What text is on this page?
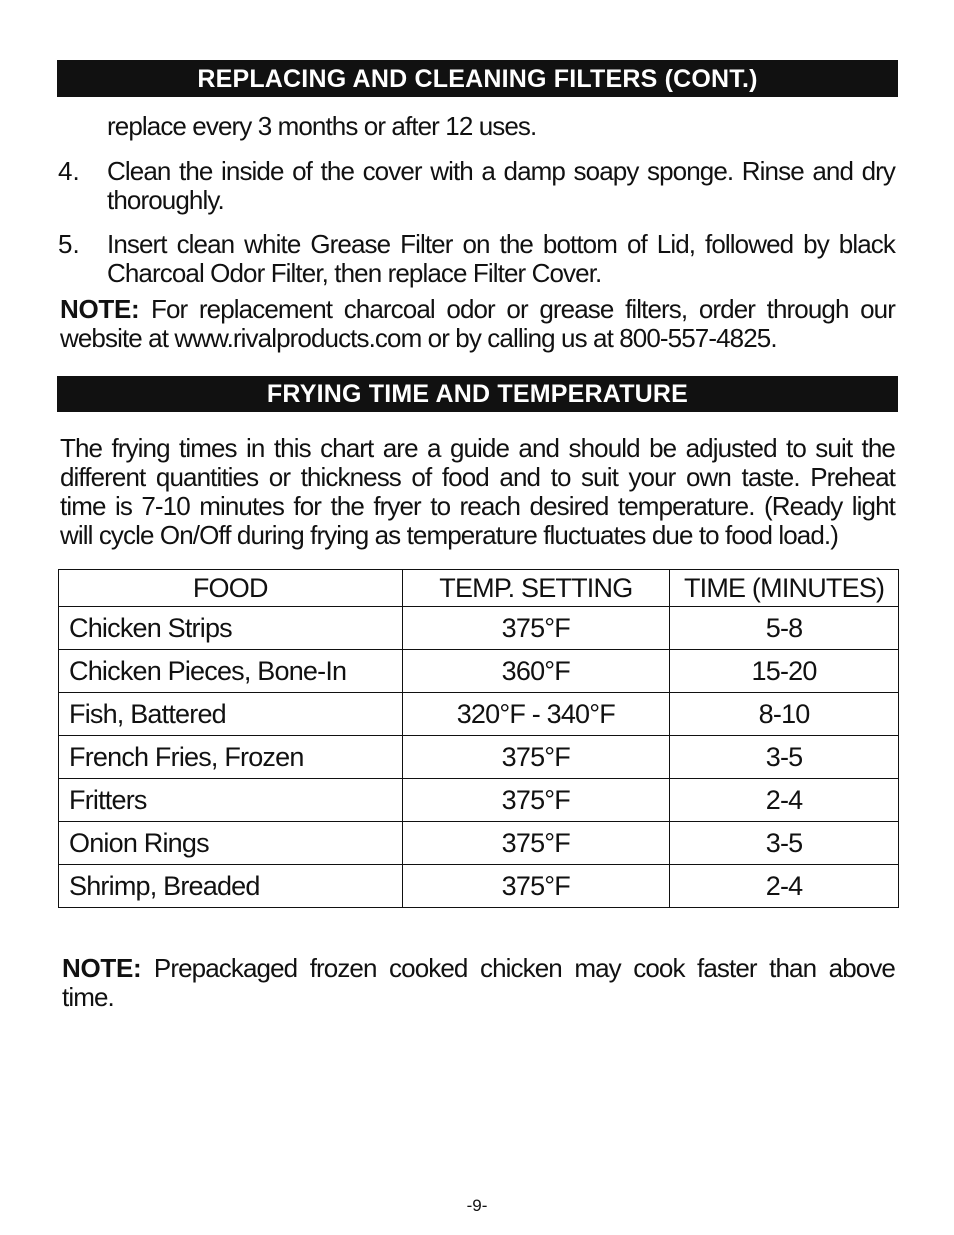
REPLACING AND CLEANING FILTERS (CONT.)
replace every 3 months or after 12 uses.
4. Clean the inside of the cover with a damp soapy sponge. Rinse and dry thoroughly.
5. Insert clean white Grease Filter on the bottom of Lid, followed by black Charcoal Odor Filter, then replace Filter Cover.
NOTE: For replacement charcoal odor or grease filters, order through our website at www.rivalproducts.com or by calling us at 800-557-4825.
FRYING TIME AND TEMPERATURE
The frying times in this chart are a guide and should be adjusted to suit the different quantities or thickness of food and to suit your own taste. Preheat time is 7-10 minutes for the fryer to reach desired temperature. (Ready light will cycle On/Off during frying as temperature fluctuates due to food load.)
FOOD	TEMP. SETTING	TIME (MINUTES)
Chicken Strips	375°F	5-8
Chicken Pieces, Bone-In	360°F	15-20
Fish, Battered	320°F - 340°F	8-10
French Fries, Frozen	375°F	3-5
Fritters	375°F	2-4
Onion Rings	375°F	3-5
Shrimp, Breaded	375°F	2-4
NOTE: Prepackaged frozen cooked chicken may cook faster than above time.
-9-
